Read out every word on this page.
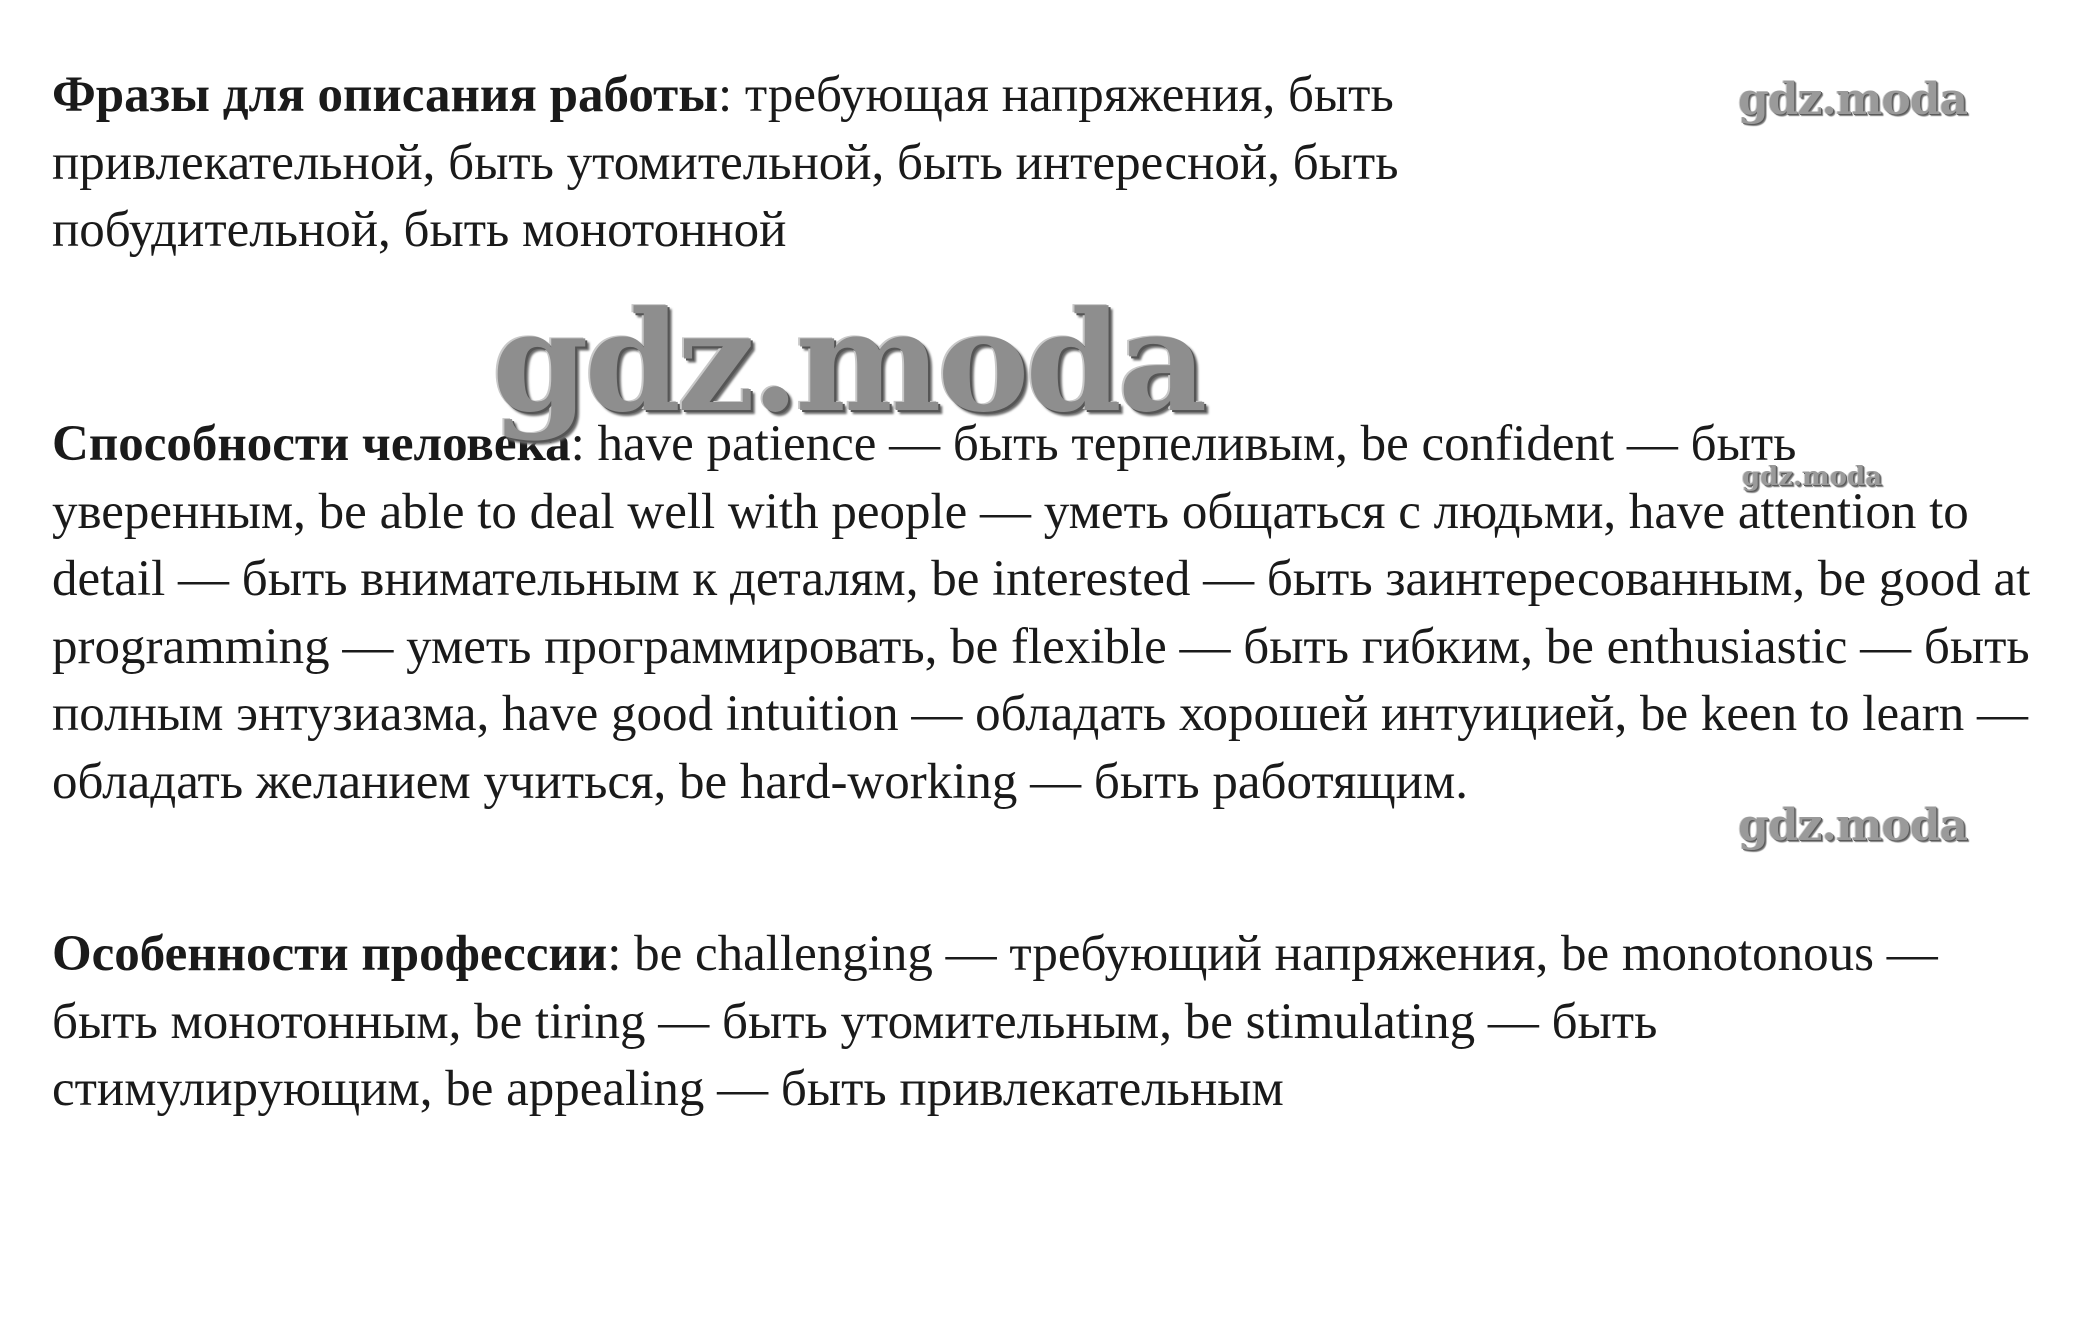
Фразы для описания работы: требующая напряжения, быть привлекательной, быть утомительной, быть интересной, быть побудительной, быть монотонной

Способности человека: have patience — быть терпеливым, be confident — быть уверенным, be able to deal well with people — уметь общаться с людьми, have attention to detail — быть внимательным к деталям, be interested — быть заинтересованным, be good at programming — уметь программировать, be flexible — быть гибким, be enthusiastic — быть полным энтузиазма, have good intuition — обладать хорошей интуицией, be keen to learn — обладать желанием учиться, be hard-working — быть работящим.

Особенности профессии: be challenging — требующий напряжения, be monotonous — быть монотонным, be tiring — быть утомительным, be stimulating — быть стимулирующим, be appealing — быть привлекательным

gdz.moda
gdz.moda
gdz.moda
gdz.moda
